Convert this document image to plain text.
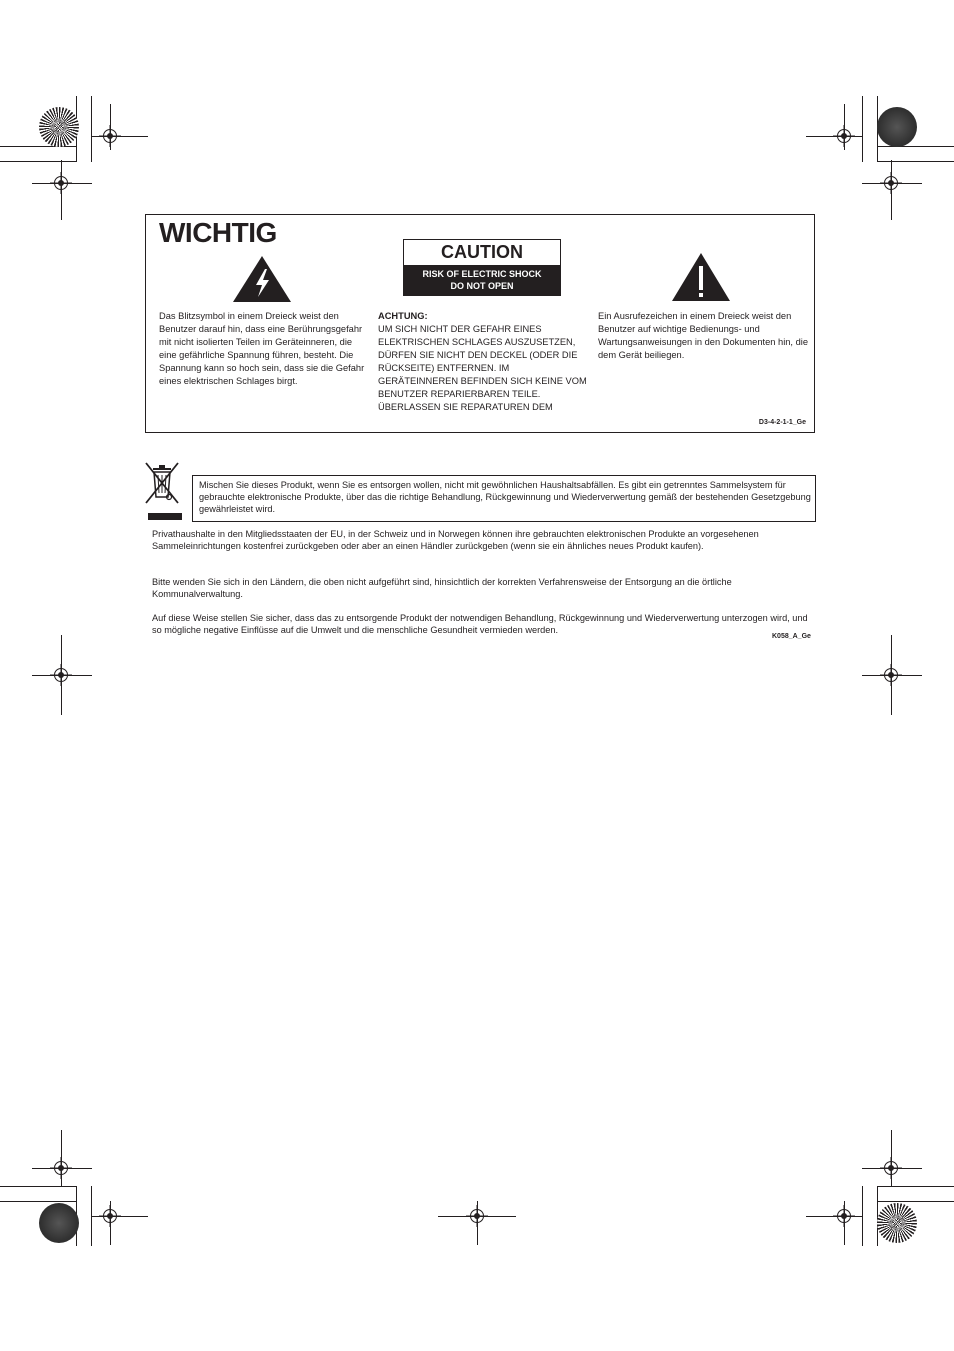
WICHTIG
CAUTION
RISK OF ELECTRIC SHOCK
DO NOT OPEN
Das Blitzsymbol in einem Dreieck weist den Benutzer darauf hin, dass eine Berührungsgefahr mit nicht isolierten Teilen im Geräteinneren, die eine gefährliche Spannung führen, besteht. Die Spannung kann so hoch sein, dass sie die Gefahr eines elektrischen Schlages birgt.
ACHTUNG:
UM SICH NICHT DER GEFAHR EINES ELEKTRISCHEN SCHLAGES AUSZUSETZEN, DÜRFEN SIE NICHT DEN DECKEL (ODER DIE RÜCKSEITE) ENTFERNEN. IM GERÄTEINNEREN BEFINDEN SICH KEINE VOM BENUTZER REPARIERBAREN TEILE. ÜBERLASSEN SIE REPARATUREN DEM
Ein Ausrufezeichen in einem Dreieck weist den Benutzer auf wichtige Bedienungs- und Wartungsanweisungen in den Dokumenten hin, die dem Gerät beiliegen.
D3-4-2-1-1_Ge
Mischen Sie dieses Produkt, wenn Sie es entsorgen wollen, nicht mit gewöhnlichen Haushaltsabfällen. Es gibt ein getrenntes Sammelsystem für gebrauchte elektronische Produkte, über das die richtige Behandlung, Rückgewinnung und Wiederverwertung gemäß der bestehenden Gesetzgebung gewährleistet wird.
Privathaushalte in den Mitgliedsstaaten der EU, in der Schweiz und in Norwegen können ihre gebrauchten elektronischen Produkte an vorgesehenen Sammeleinrichtungen kostenfrei zurückgeben oder aber an einen Händler zurückgeben (wenn sie ein ähnliches neues Produkt kaufen).
Bitte wenden Sie sich in den Ländern, die oben nicht aufgeführt sind, hinsichtlich der korrekten Verfahrensweise der Entsorgung an die örtliche Kommunalverwaltung.
Auf diese Weise stellen Sie sicher, dass das zu entsorgende Produkt der notwendigen Behandlung, Rückgewinnung und Wiederverwertung unterzogen wird, und so mögliche negative Einflüsse auf die Umwelt und die menschliche Gesundheit vermieden werden.
K058_A_Ge
